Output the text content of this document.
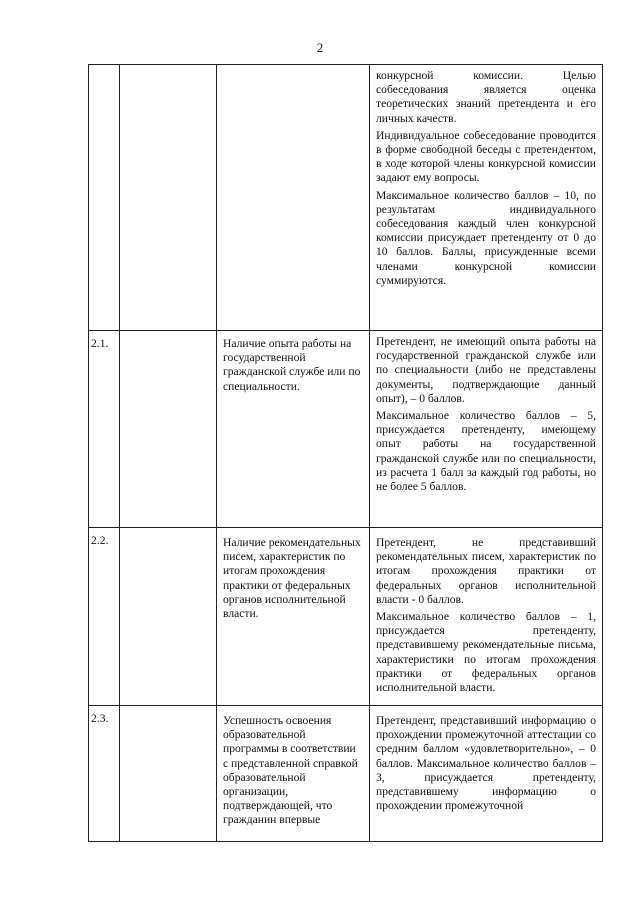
2

			конкурсной комиссии. Целью собеседования является оценка теоретических знаний претендента и его личных качеств.

Индивидуальное собеседование проводится в форме свободной беседы с претендентом, в ходе которой члены конкурсной комиссии задают ему вопросы.

Максимальное количество баллов – 10, по результатам индивидуального собеседования каждый член конкурсной комиссии присуждает претенденту от 0 до 10 баллов. Баллы, присужденные всеми членами конкурсной комиссии суммируются.

2.1.		Наличие опыта работы на государственной гражданской службе или по специальности.	Претендент, не имеющий опыта работы на государственной гражданской службе или по специальности (либо не представлены документы, подтверждающие данный опыт), – 0 баллов.

Максимальное количество баллов – 5, присуждается претенденту, имеющему опыт работы на государственной гражданской службе или по специальности, из расчета 1 балл за каждый год работы, но не более 5 баллов.

2.2.		Наличие рекомендательных писем, характеристик по итогам прохождения практики от федеральных органов исполнительной власти.	Претендент, не представивший рекомендательных писем, характеристик по итогам прохождения практики от федеральных органов исполнительной власти - 0 баллов.

Максимальное количество баллов – 1, присуждается претенденту, представившему рекомендательные письма, характеристики по итогам прохождения практики от федеральных органов исполнительной власти.

2.3.		Успешность освоения образовательной программы в соответствии с представленной справкой образовательной организации, подтверждающей, что гражданин впервые	Претендент, представивший информацию о прохождении промежуточной аттестации со средним баллом «удовлетворительно», – 0 баллов. Максимальное количество баллов – 3, присуждается претенденту, представившему информацию о прохождении промежуточной
